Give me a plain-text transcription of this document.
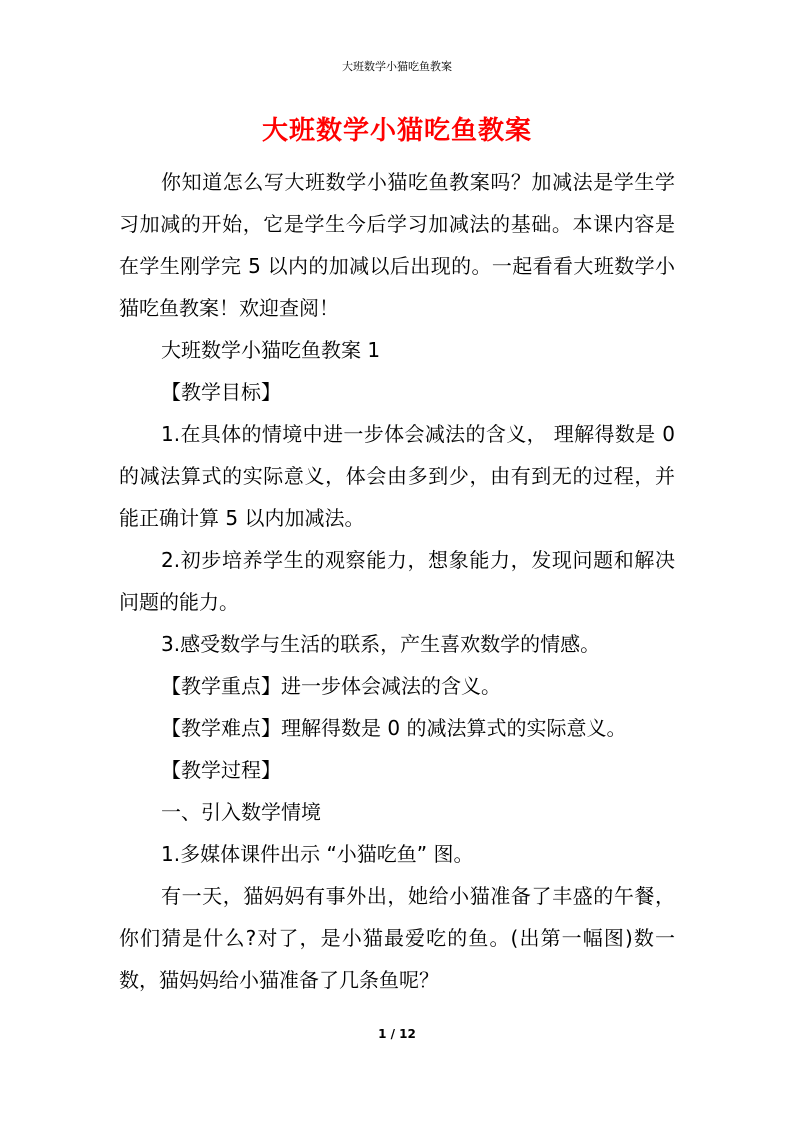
大班数学小猫吃鱼教案
大班数学小猫吃鱼教案

你知道怎么写大班数学小猫吃鱼教案吗？加减法是学生学习加减的开始，它是学生今后学习加减法的基础。本课内容是在学生刚学完 5 以内的加减以后出现的。一起看看大班数学小猫吃鱼教案！欢迎查阅！

大班数学小猫吃鱼教案 1

【教学目标】

1.在具体的情境中进一步体会减法的含义， 理解得数是 0 的减法算式的实际意义，体会由多到少，由有到无的过程，并能正确计算 5 以内加减法。

2.初步培养学生的观察能力，想象能力，发现问题和解决问题的能力。

3.感受数学与生活的联系，产生喜欢数学的情感。

【教学重点】进一步体会减法的含义。

【教学难点】理解得数是 0 的减法算式的实际意义。

【教学过程】

一、引入数学情境

1.多媒体课件出示 “小猫吃鱼” 图。

有一天，猫妈妈有事外出，她给小猫准备了丰盛的午餐，你们猜是什么?对了，是小猫最爱吃的鱼。(出第一幅图)数一数，猫妈妈给小猫准备了几条鱼呢？

1 / 12
